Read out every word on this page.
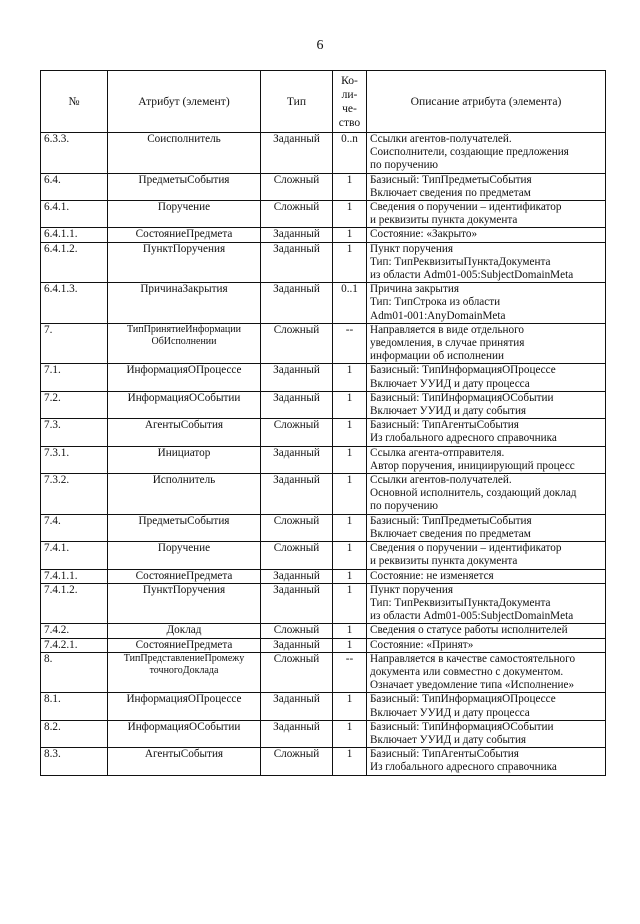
6
№	Атрибут (элемент)	Тип	Ко-
ли-
че-
ство	Описание атрибута (элемента)
6.3.3.	Соисполнитель	Заданный	0..n	Ссылки агентов-получателей.
Соисполнители, создающие предложения
по поручению
6.4.	ПредметыСобытия	Сложный	1	Базисный: ТипПредметыСобытия
Включает сведения по предметам
6.4.1.	Поручение	Сложный	1	Сведения о поручении – идентификатор
и реквизиты пункта документа
6.4.1.1.	СостояниеПредмета	Заданный	1	Состояние: «Закрыто»
6.4.1.2.	ПунктПоручения	Заданный	1	Пункт поручения
Тип: ТипРеквизитыПунктаДокумента
из области Adm01-005:SubjectDomainMeta
6.4.1.3.	ПричинаЗакрытия	Заданный	0..1	Причина закрытия
Тип: ТипСтрока из области
Adm01-001:AnyDomainMeta
7.	ТипПринятиеИнформации
ОбИсполнении	Сложный	--	Направляется в виде отдельного
уведомления, в случае принятия
информации об исполнении
7.1.	ИнформацияОПроцессе	Заданный	1	Базисный: ТипИнформацияОПроцессе
Включает УУИД и дату процесса
7.2.	ИнформацияОСобытии	Заданный	1	Базисный: ТипИнформацияОСобытии
Включает УУИД и дату события
7.3.	АгентыСобытия	Сложный	1	Базисный: ТипАгентыСобытия
Из глобального адресного справочника
7.3.1.	Инициатор	Заданный	1	Ссылка агента-отправителя.
Автор поручения, инициирующий процесс
7.3.2.	Исполнитель	Заданный	1	Ссылки агентов-получателей.
Основной исполнитель, создающий доклад
по поручению
7.4.	ПредметыСобытия	Сложный	1	Базисный: ТипПредметыСобытия
Включает сведения по предметам
7.4.1.	Поручение	Сложный	1	Сведения о поручении – идентификатор
и реквизиты пункта документа
7.4.1.1.	СостояниеПредмета	Заданный	1	Состояние: не изменяется
7.4.1.2.	ПунктПоручения	Заданный	1	Пункт поручения
Тип: ТипРеквизитыПунктаДокумента
из области Adm01-005:SubjectDomainMeta
7.4.2.	Доклад	Сложный	1	Сведения о статусе работы исполнителей
7.4.2.1.	СостояниеПредмета	Заданный	1	Состояние: «Принят»
8.	ТипПредставлениеПромежу
точногоДоклада	Сложный	--	Направляется в качестве самостоятельного
документа или совместно с документом.
Означает уведомление типа «Исполнение»
8.1.	ИнформацияОПроцессе	Заданный	1	Базисный: ТипИнформацияОПроцессе
Включает УУИД и дату процесса
8.2.	ИнформацияОСобытии	Заданный	1	Базисный: ТипИнформацияОСобытии
Включает УУИД и дату события
8.3.	АгентыСобытия	Сложный	1	Базисный: ТипАгентыСобытия
Из глобального адресного справочника
